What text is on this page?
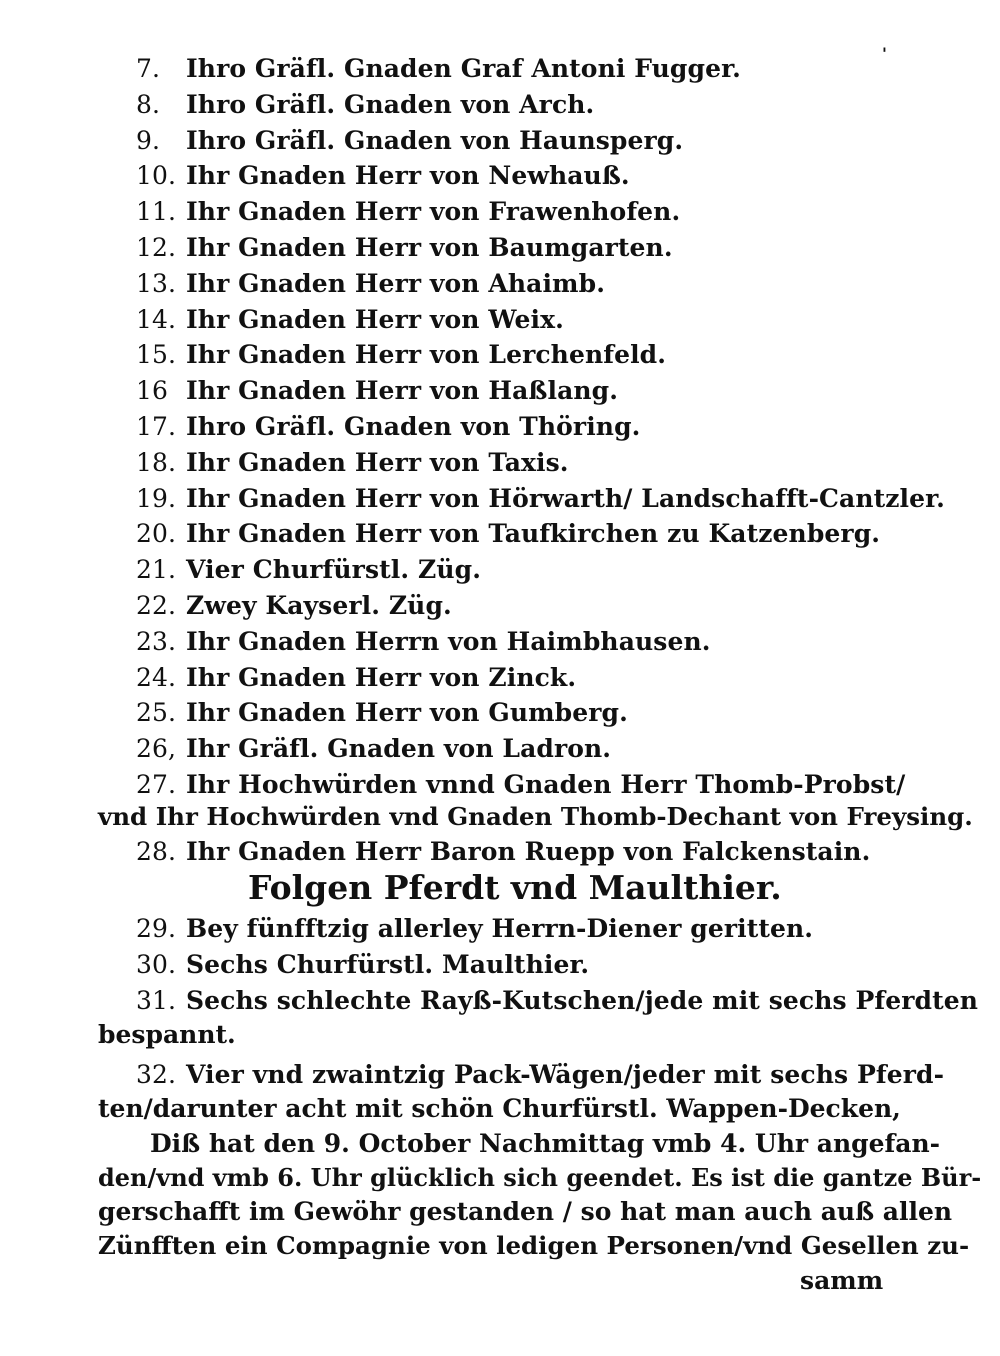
'
7. Ihro Gräfl. Gnaden Graf Antoni Fugger.
8. Ihro Gräfl. Gnaden von Arch.
9. Ihro Gräfl. Gnaden von Haunsperg.
10. Ihr Gnaden Herr von Newhauß.
11. Ihr Gnaden Herr von Frawenhofen.
12. Ihr Gnaden Herr von Baumgarten.
13. Ihr Gnaden Herr von Ahaimb.
14. Ihr Gnaden Herr von Weix.
15. Ihr Gnaden Herr von Lerchenfeld.
16 Ihr Gnaden Herr von Haßlang.
17. Ihro Gräfl. Gnaden von Thöring.
18. Ihr Gnaden Herr von Taxis.
19. Ihr Gnaden Herr von Hörwarth/ Landschafft-Cantzler.
20. Ihr Gnaden Herr von Taufkirchen zu Katzenberg.
21. Vier Churfürstl. Züg.
22. Zwey Kayserl. Züg.
23. Ihr Gnaden Herrn von Haimbhausen.
24. Ihr Gnaden Herr von Zinck.
25. Ihr Gnaden Herr von Gumberg.
26, Ihr Gräfl. Gnaden von Ladron.
27. Ihr Hochwürden vnnd Gnaden Herr Thomb-Probst/
vnd Ihr Hochwürden vnd Gnaden Thomb-Dechant von Freysing.
28. Ihr Gnaden Herr Baron Ruepp von Falckenstain.
Folgen Pferdt vnd Maulthier.
29. Bey fünfftzig allerley Herrn-Diener geritten.
30. Sechs Churfürstl. Maulthier.
31. Sechs schlechte Rayß-Kutschen/jede mit sechs Pferdten
bespannt.
32. Vier vnd zwaintzig Pack-Wägen/jeder mit sechs Pferd-
ten/darunter acht mit schön Churfürstl. Wappen-Decken,
Diß hat den 9. October Nachmittag vmb 4. Uhr angefan-
den/vnd vmb 6. Uhr glücklich sich geendet. Es ist die gantze Bür-
gerschafft im Gewöhr gestanden / so hat man auch auß allen
Zünfften ein Compagnie von ledigen Personen/vnd Gesellen zu-
samm
